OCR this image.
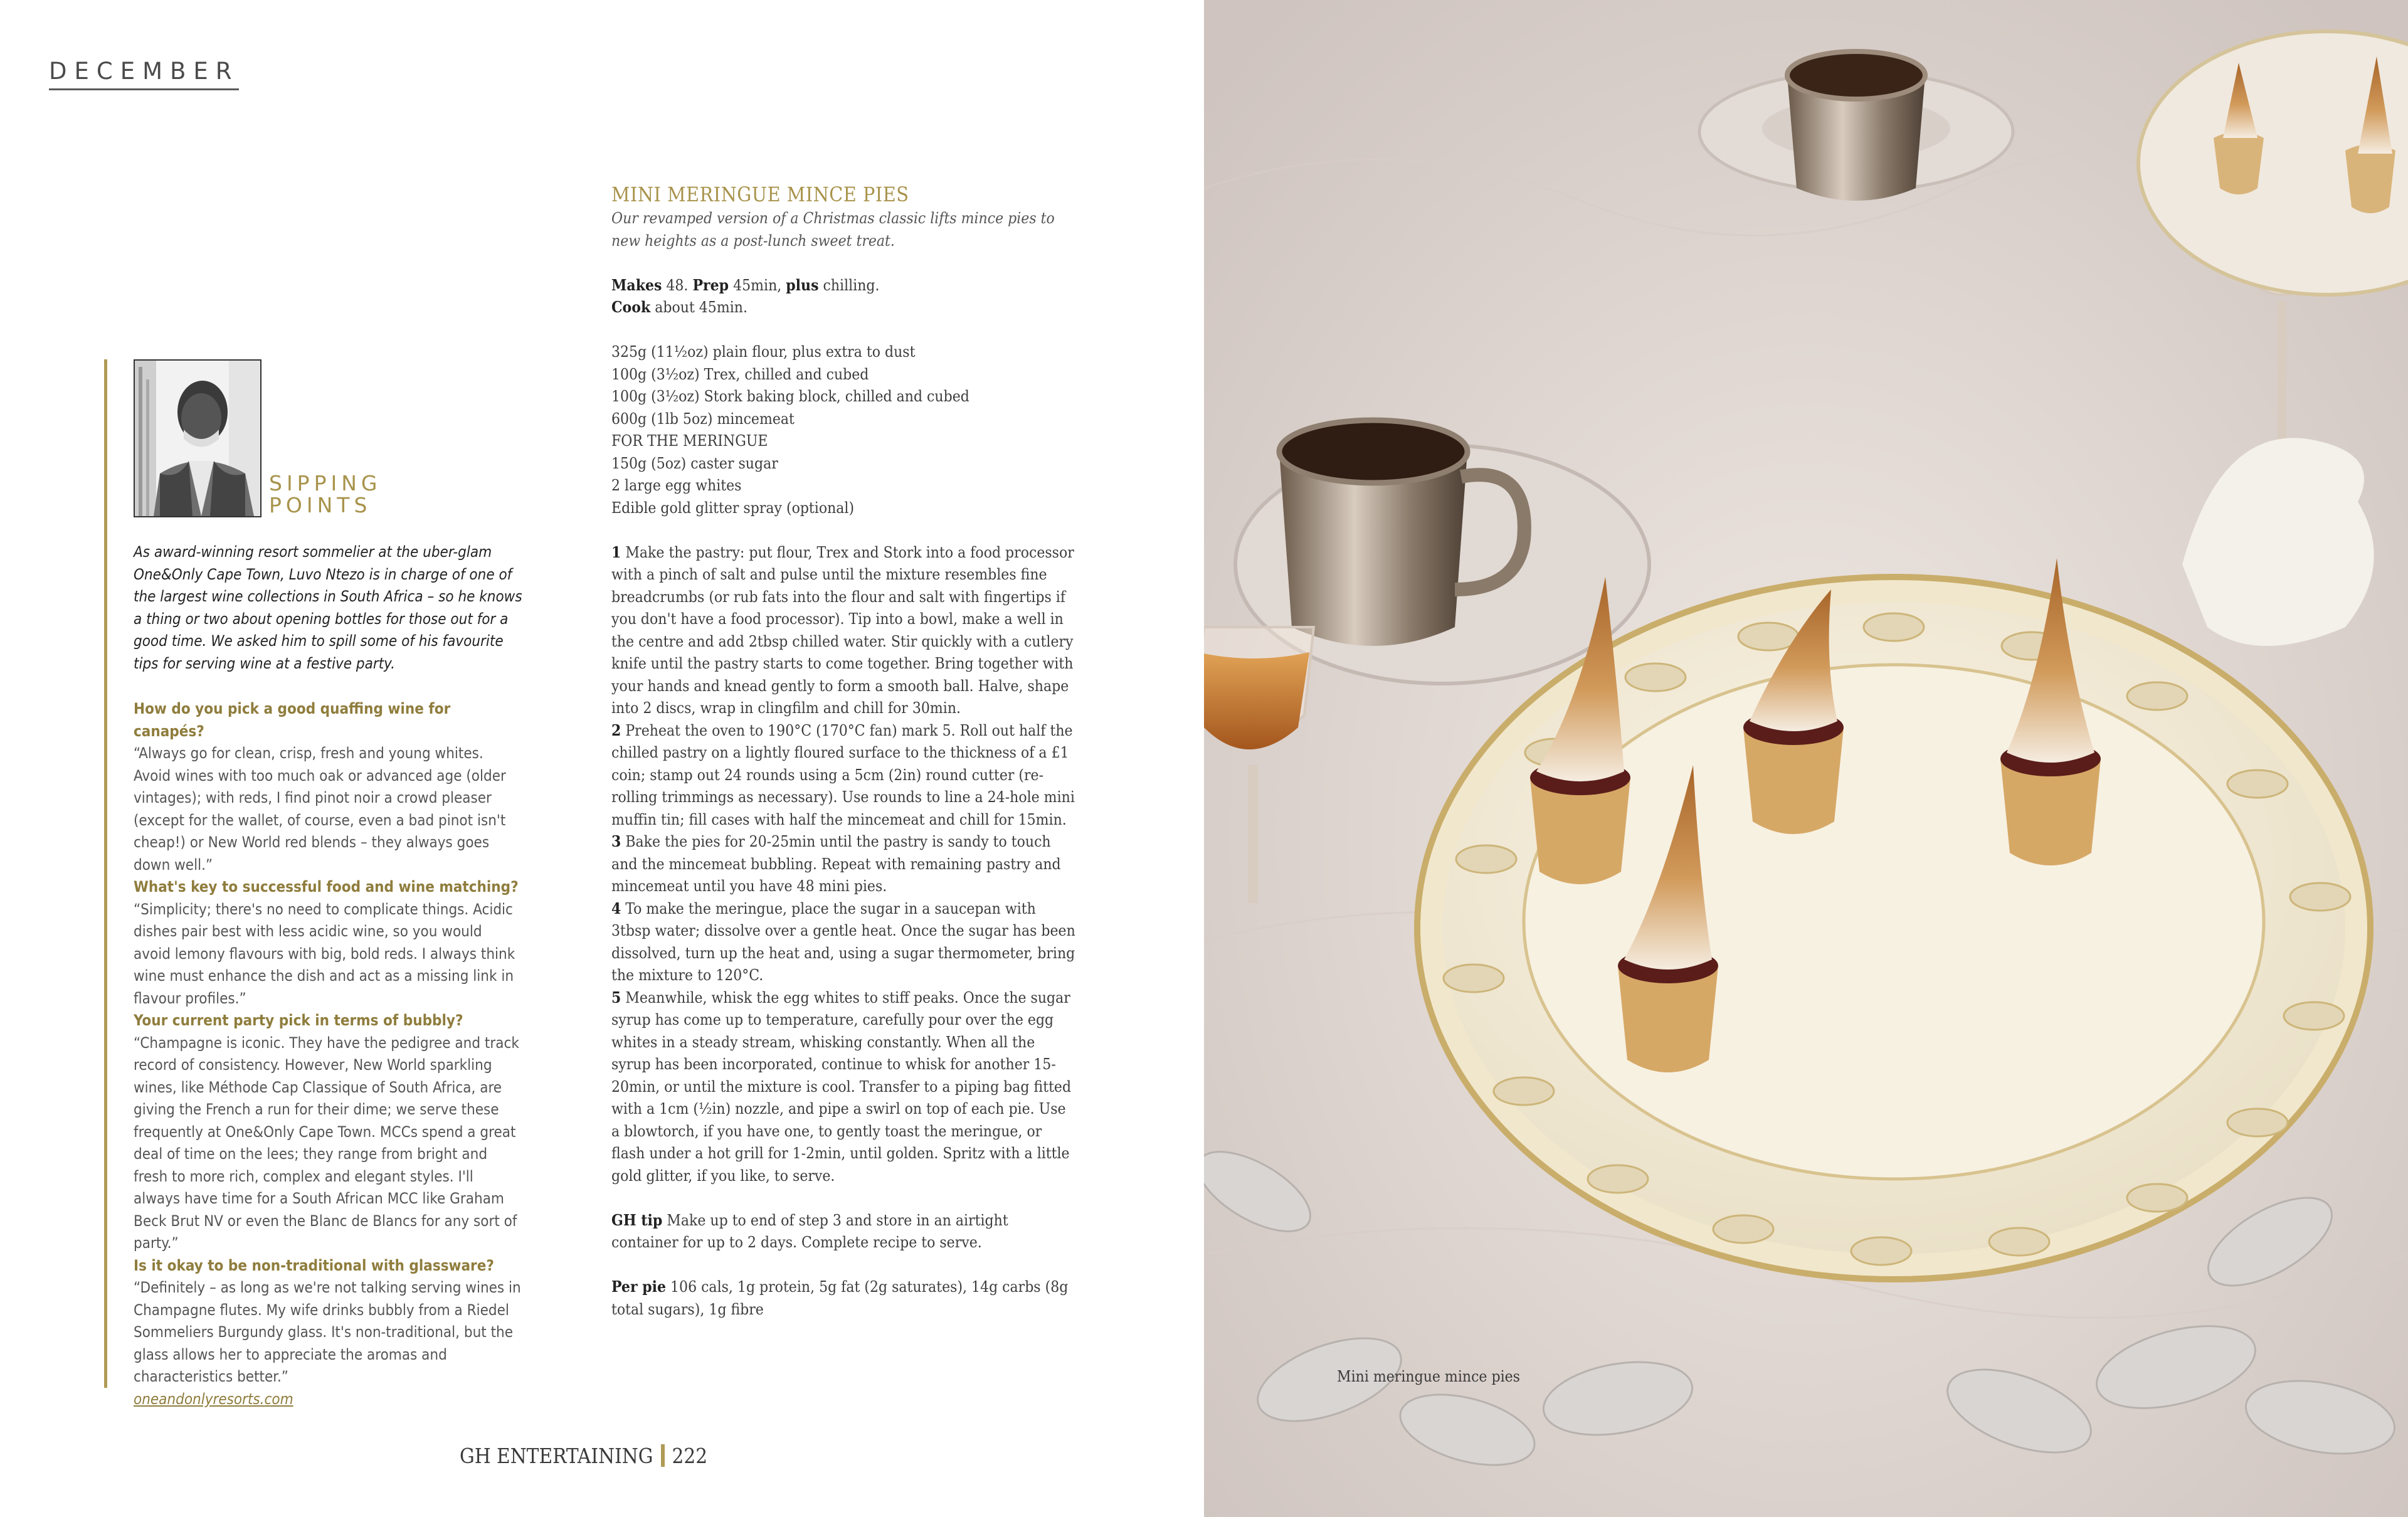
DECEMBER
SIPPING
POINTS
As award-winning resort sommelier at the uber-glam One&Only Cape Town, Luvo Ntezo is in charge of one of the largest wine collections in South Africa – so he knows a thing or two about opening bottles for those out for a good time. We asked him to spill some of his favourite tips for serving wine at a festive party.
How do you pick a good quaffing wine for canapés?
“Always go for clean, crisp, fresh and young whites. Avoid wines with too much oak or advanced age (older vintages); with reds, I find pinot noir a crowd pleaser (except for the wallet, of course, even a bad pinot isn't cheap!) or New World red blends – they always goes down well.”
What's key to successful food and wine matching?
“Simplicity; there's no need to complicate things. Acidic dishes pair best with less acidic wine, so you would avoid lemony flavours with big, bold reds. I always think wine must enhance the dish and act as a missing link in flavour profiles.”
Your current party pick in terms of bubbly?
“Champagne is iconic. They have the pedigree and track record of consistency. However, New World sparkling wines, like Méthode Cap Classique of South Africa, are giving the French a run for their dime; we serve these frequently at One&Only Cape Town. MCCs spend a great deal of time on the lees; they range from bright and fresh to more rich, complex and elegant styles. I'll always have time for a South African MCC like Graham Beck Brut NV or even the Blanc de Blancs for any sort of party.”
Is it okay to be non-traditional with glassware?
“Definitely – as long as we're not talking serving wines in Champagne flutes. My wife drinks bubbly from a Riedel Sommeliers Burgundy glass. It's non-traditional, but the glass allows her to appreciate the aromas and characteristics better.”
oneandonlyresorts.com
MINI MERINGUE MINCE PIES
Our revamped version of a Christmas classic lifts mince pies to new heights as a post-lunch sweet treat.
Makes 48. Prep 45min, plus chilling.
Cook about 45min.
325g (11½oz) plain flour, plus extra to dust
100g (3½oz) Trex, chilled and cubed
100g (3½oz) Stork baking block, chilled and cubed
600g (1lb 5oz) mincemeat
FOR THE MERINGUE
150g (5oz) caster sugar
2 large egg whites
Edible gold glitter spray (optional)
1 Make the pastry: put flour, Trex and Stork into a food processor with a pinch of salt and pulse until the mixture resembles fine breadcrumbs (or rub fats into the flour and salt with fingertips if you don't have a food processor). Tip into a bowl, make a well in the centre and add 2tbsp chilled water. Stir quickly with a cutlery knife until the pastry starts to come together. Bring together with your hands and knead gently to form a smooth ball. Halve, shape into 2 discs, wrap in clingfilm and chill for 30min.
2 Preheat the oven to 190°C (170°C fan) mark 5. Roll out half the chilled pastry on a lightly floured surface to the thickness of a £1 coin; stamp out 24 rounds using a 5cm (2in) round cutter (re-rolling trimmings as necessary). Use rounds to line a 24-hole mini muffin tin; fill cases with half the mincemeat and chill for 15min.
3 Bake the pies for 20-25min until the pastry is sandy to touch and the mincemeat bubbling. Repeat with remaining pastry and mincemeat until you have 48 mini pies.
4 To make the meringue, place the sugar in a saucepan with 3tbsp water; dissolve over a gentle heat. Once the sugar has been dissolved, turn up the heat and, using a sugar thermometer, bring the mixture to 120°C.
5 Meanwhile, whisk the egg whites to stiff peaks. Once the sugar syrup has come up to temperature, carefully pour over the egg whites in a steady stream, whisking constantly. When all the syrup has been incorporated, continue to whisk for another 15-20min, or until the mixture is cool. Transfer to a piping bag fitted with a 1cm (½in) nozzle, and pipe a swirl on top of each pie. Use a blowtorch, if you have one, to gently toast the meringue, or flash under a hot grill for 1-2min, until golden. Spritz with a little gold glitter, if you like, to serve.
GH tip Make up to end of step 3 and store in an airtight container for up to 2 days. Complete recipe to serve.
Per pie 106 cals, 1g protein, 5g fat (2g saturates), 14g carbs (8g total sugars), 1g fibre
GH ENTERTAINING 222
Mini meringue mince pies
